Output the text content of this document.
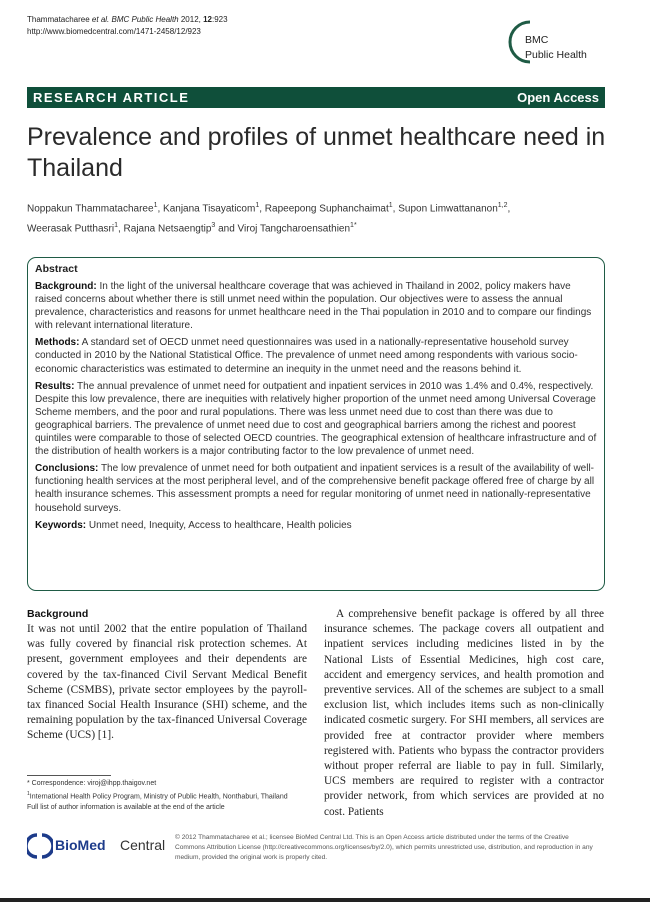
Thammatacharee et al. BMC Public Health 2012, 12:923
http://www.biomedcentral.com/1471-2458/12/923
BMC
Public Health
RESEARCH ARTICLE	Open Access
Prevalence and profiles of unmet healthcare need in Thailand
Noppakun Thammatacharee$^1$, Kanjana Tisayaticom$^1$, Rapeepong Suphanchaimat$^1$, Supon Limwattananon$^{1,2}$,
Weerasak Putthasri$^1$, Rajana Netsaengtip$^3$ and Viroj Tangcharoensathien$^{1*}$
Abstract

Background: In the light of the universal healthcare coverage that was achieved in Thailand in 2002, policy makers have raised concerns about whether there is still unmet need within the population. Our objectives were to assess the annual prevalence, characteristics and reasons for unmet healthcare need in the Thai population in 2010 and to compare our findings with relevant international literature.

Methods: A standard set of OECD unmet need questionnaires was used in a nationally-representative household survey conducted in 2010 by the National Statistical Office. The prevalence of unmet need among respondents with various socio-economic characteristics was estimated to determine an inequity in the unmet need and the reasons behind it.

Results: The annual prevalence of unmet need for outpatient and inpatient services in 2010 was 1.4% and 0.4%, respectively. Despite this low prevalence, there are inequities with relatively higher proportion of the unmet need among Universal Coverage Scheme members, and the poor and rural populations. There was less unmet need due to cost than there was due to geographical barriers. The prevalence of unmet need due to cost and geographical barriers among the richest and poorest quintiles were comparable to those of selected OECD countries. The geographical extension of healthcare infrastructure and of the distribution of health workers is a major contributing factor to the low prevalence of unmet need.

Conclusions: The low prevalence of unmet need for both outpatient and inpatient services is a result of the availability of well-functioning health services at the most peripheral level, and of the comprehensive benefit package offered free of charge by all health insurance schemes. This assessment prompts a need for regular monitoring of unmet need in nationally-representative household surveys.

Keywords: Unmet need, Inequity, Access to healthcare, Health policies

Background
It was not until 2002 that the entire population of Thailand was fully covered by financial risk protection schemes. At present, government employees and their dependents are covered by the tax-financed Civil Servant Medical Benefit Scheme (CSMBS), private sector employees by the payroll-tax financed Social Health Insurance (SHI) scheme, and the remaining population by the tax-financed Universal Coverage Scheme (UCS) [1].
A comprehensive benefit package is offered by all three insurance schemes. The package covers all outpatient and inpatient services including medicines listed in by the National Lists of Essential Medicines, high cost care, accident and emergency services, and health promotion and preventive services. All of the schemes are subject to a small exclusion list, which includes items such as non-clinically indicated cosmetic surgery. For SHI members, all services are provided free at contractor provider where members registered with. Patients who bypass the contractor providers without proper referral are liable to pay in full. Similarly, UCS members are required to register with a contractor provider network, from which services are provided at no cost. Patients
* Correspondence: viroj@ihpp.thaigov.net
$^1$International Health Policy Program, Ministry of Public Health, Nonthaburi, Thailand
Full list of author information is available at the end of the article
BioMed Central © 2012 Thammatacharee et al.; licensee BioMed Central Ltd. This is an Open Access article distributed under the terms of the Creative Commons Attribution License (http://creativecommons.org/licenses/by/2.0), which permits unrestricted use, distribution, and reproduction in any medium, provided the original work is properly cited.
